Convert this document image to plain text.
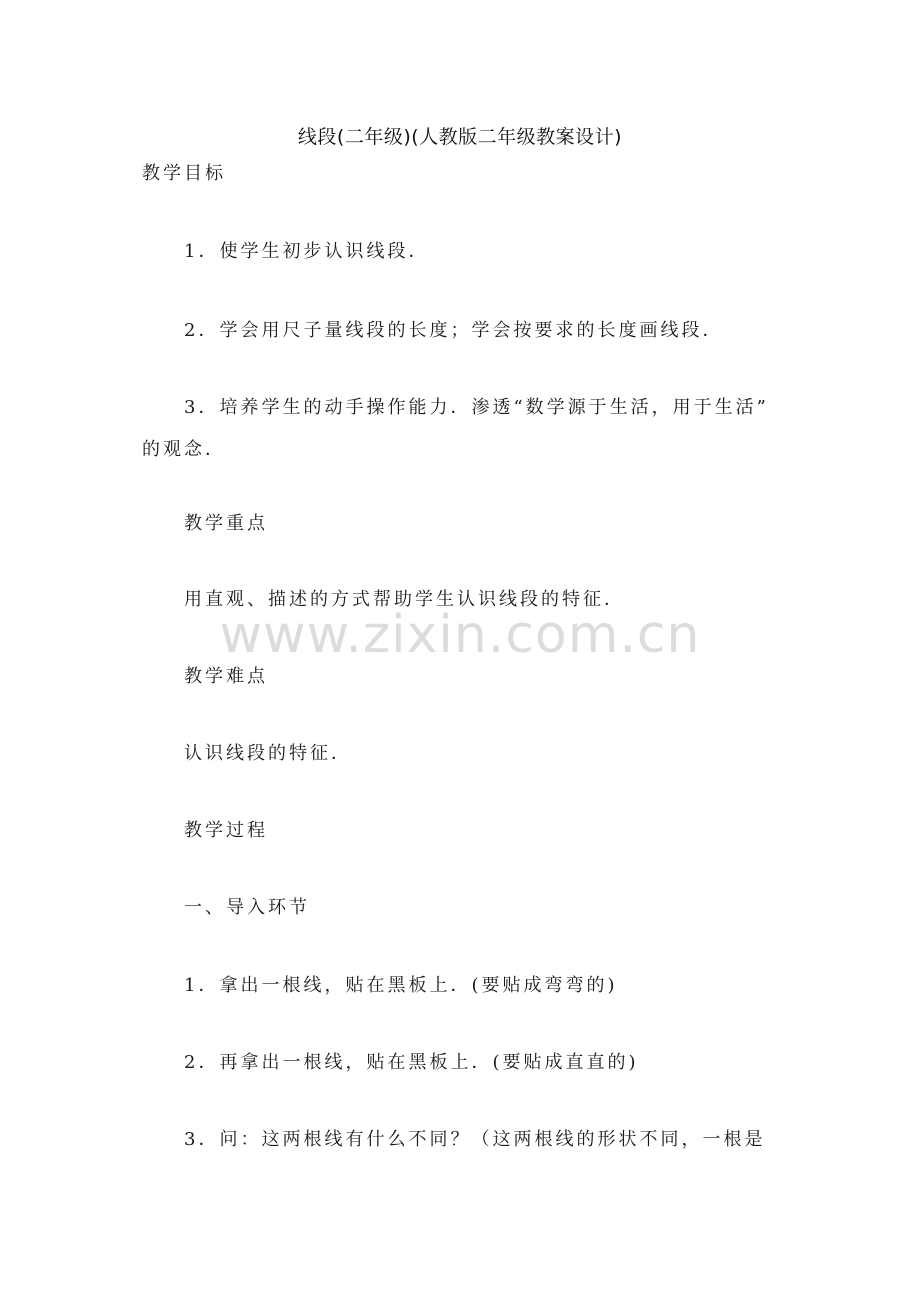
线段(二年级)(人教版二年级教案设计)
教学目标
1．使学生初步认识线段．
2．学会用尺子量线段的长度；学会按要求的长度画线段．
3．培养学生的动手操作能力．渗透“数学源于生活，用于生活”
的观念．
教学重点
用直观、描述的方式帮助学生认识线段的特征．
教学难点
认识线段的特征．
教学过程
一、导入环节
1．拿出一根线，贴在黑板上．(要贴成弯弯的)
2．再拿出一根线，贴在黑板上．(要贴成直直的)
3．问：这两根线有什么不同？（这两根线的形状不同，一根是
www.zixin.com.cn
